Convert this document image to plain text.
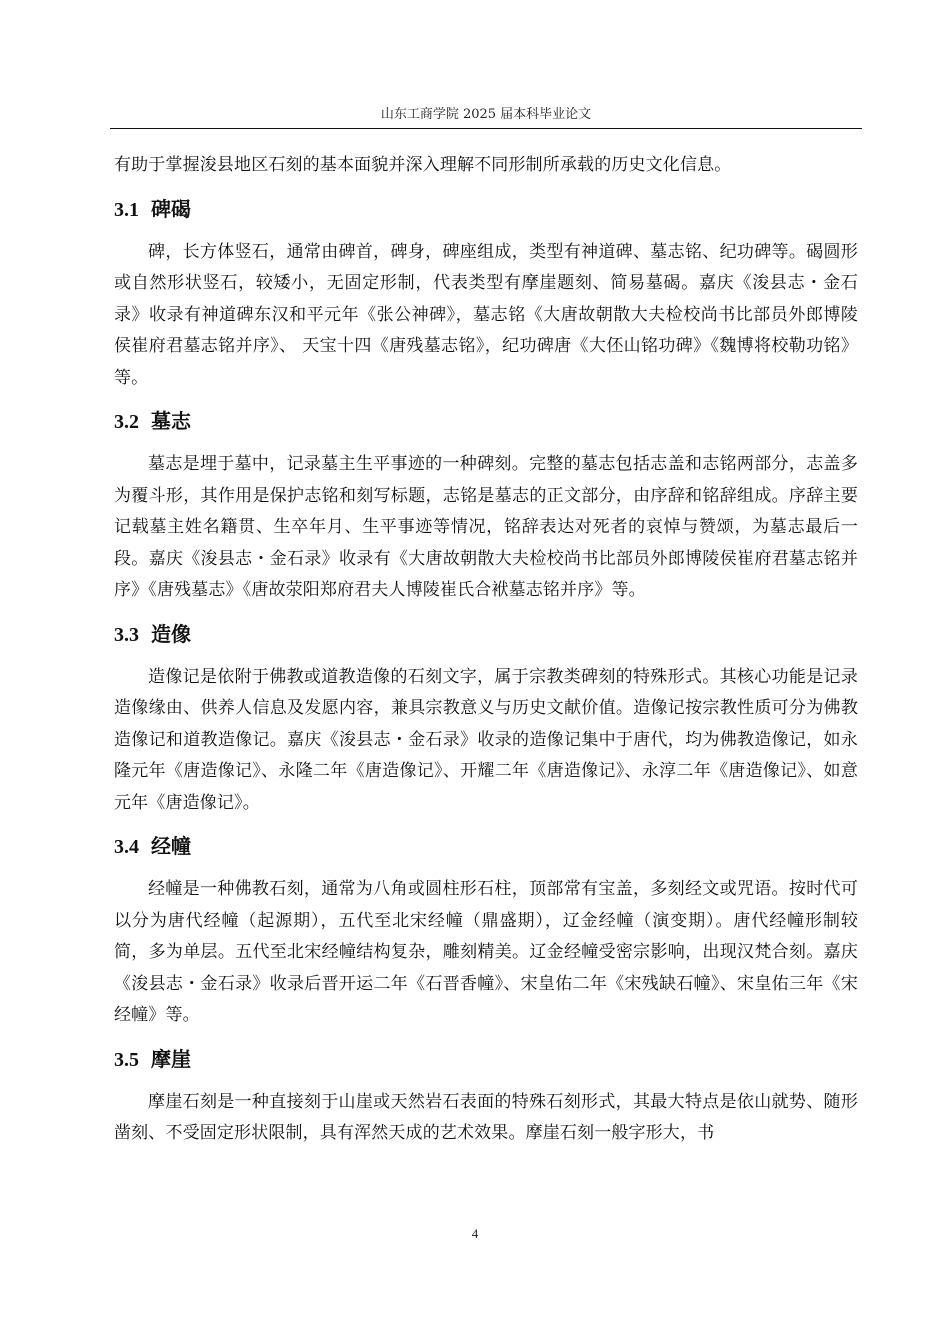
山东工商学院 2025 届本科毕业论文

有助于掌握浚县地区石刻的基本面貌并深入理解不同形制所承载的历史文化信息。

3.1 碑碣

碑，长方体竖石，通常由碑首，碑身，碑座组成，类型有神道碑、墓志铭、纪功碑等。碣圆形或自然形状竖石，较矮小，无固定形制，代表类型有摩崖题刻、简易墓碣。嘉庆《浚县志・金石录》收录有神道碑东汉和平元年《张公神碑》，墓志铭《大唐故朝散大夫检校尚书比部员外郎博陵侯崔府君墓志铭并序》、 天宝十四《唐残墓志铭》，纪功碑唐《大伾山铭功碑》《魏博将校勒功铭》等。

3.2 墓志

墓志是埋于墓中，记录墓主生平事迹的一种碑刻。完整的墓志包括志盖和志铭两部分，志盖多为覆斗形，其作用是保护志铭和刻写标题，志铭是墓志的正文部分，由序辞和铭辞组成。序辞主要记载墓主姓名籍贯、生卒年月、生平事迹等情况，铭辞表达对死者的哀悼与赞颂，为墓志最后一段。嘉庆《浚县志・金石录》收录有《大唐故朝散大夫检校尚书比部员外郎博陵侯崔府君墓志铭并序》《唐残墓志》《唐故荥阳郑府君夫人博陵崔氏合袱墓志铭并序》等。

3.3 造像

造像记是依附于佛教或道教造像的石刻文字，属于宗教类碑刻的特殊形式。其核心功能是记录造像缘由、供养人信息及发愿内容，兼具宗教意义与历史文献价值。造像记按宗教性质可分为佛教造像记和道教造像记。嘉庆《浚县志・金石录》收录的造像记集中于唐代，均为佛教造像记，如永隆元年《唐造像记》、永隆二年《唐造像记》、开耀二年《唐造像记》、永淳二年《唐造像记》、如意元年《唐造像记》。

3.4 经幢

经幢是一种佛教石刻，通常为八角或圆柱形石柱，顶部常有宝盖，多刻经文或咒语。按时代可以分为唐代经幢（起源期），五代至北宋经幢（鼎盛期），辽金经幢（演变期）。唐代经幢形制较简，多为单层。五代至北宋经幢结构复杂，雕刻精美。辽金经幢受密宗影响，出现汉梵合刻。嘉庆《浚县志・金石录》收录后晋开运二年《石晋香幢》、宋皇佑二年《宋残缺石幢》、宋皇佑三年《宋经幢》等。

3.5 摩崖

摩崖石刻是一种直接刻于山崖或天然岩石表面的特殊石刻形式，其最大特点是依山就势、随形凿刻、不受固定形状限制，具有浑然天成的艺术效果。摩崖石刻一般字形大，书

4
